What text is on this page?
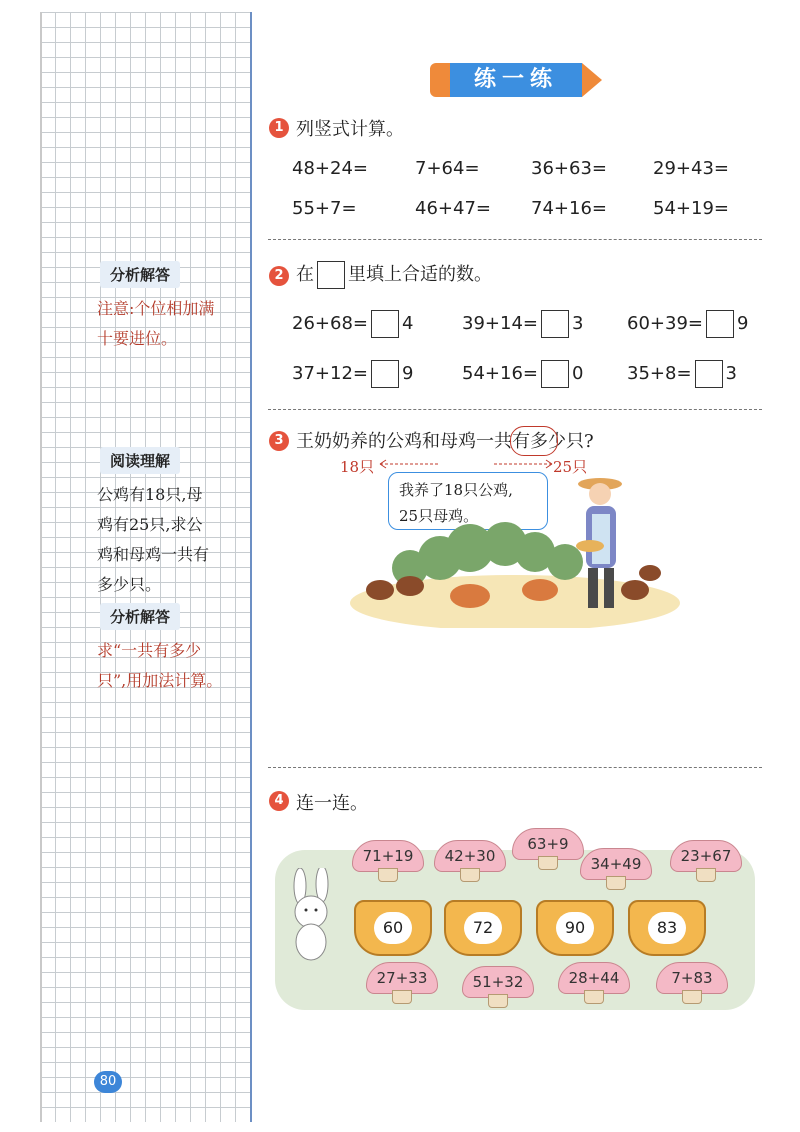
分析解答
注意:个位相加满
十要进位。
阅读理解
公鸡有18只,母
鸡有25只,求公
鸡和母鸡一共有
多少只。
分析解答
求“一共有多少
只”,用加法计算。
80
练一练
1 列竖式计算。
48+24=	7+64=	36+63=	29+43=
55+7=	46+47= 74+16=	54+19=
2 在 里填上合适的数。
26+68= 4	39+14= 3 60+39= 9
37+12= 9	54+16= 0 35+8= 3
3 王奶奶养的公鸡和母鸡一共有多少只?
18只	25只
我养了18只公鸡,
25只母鸡。
4 连一连。
71+19	42+30
63+9
34+49	23+67
60	72	90	83
27+33	51+32	28+44	7+83
